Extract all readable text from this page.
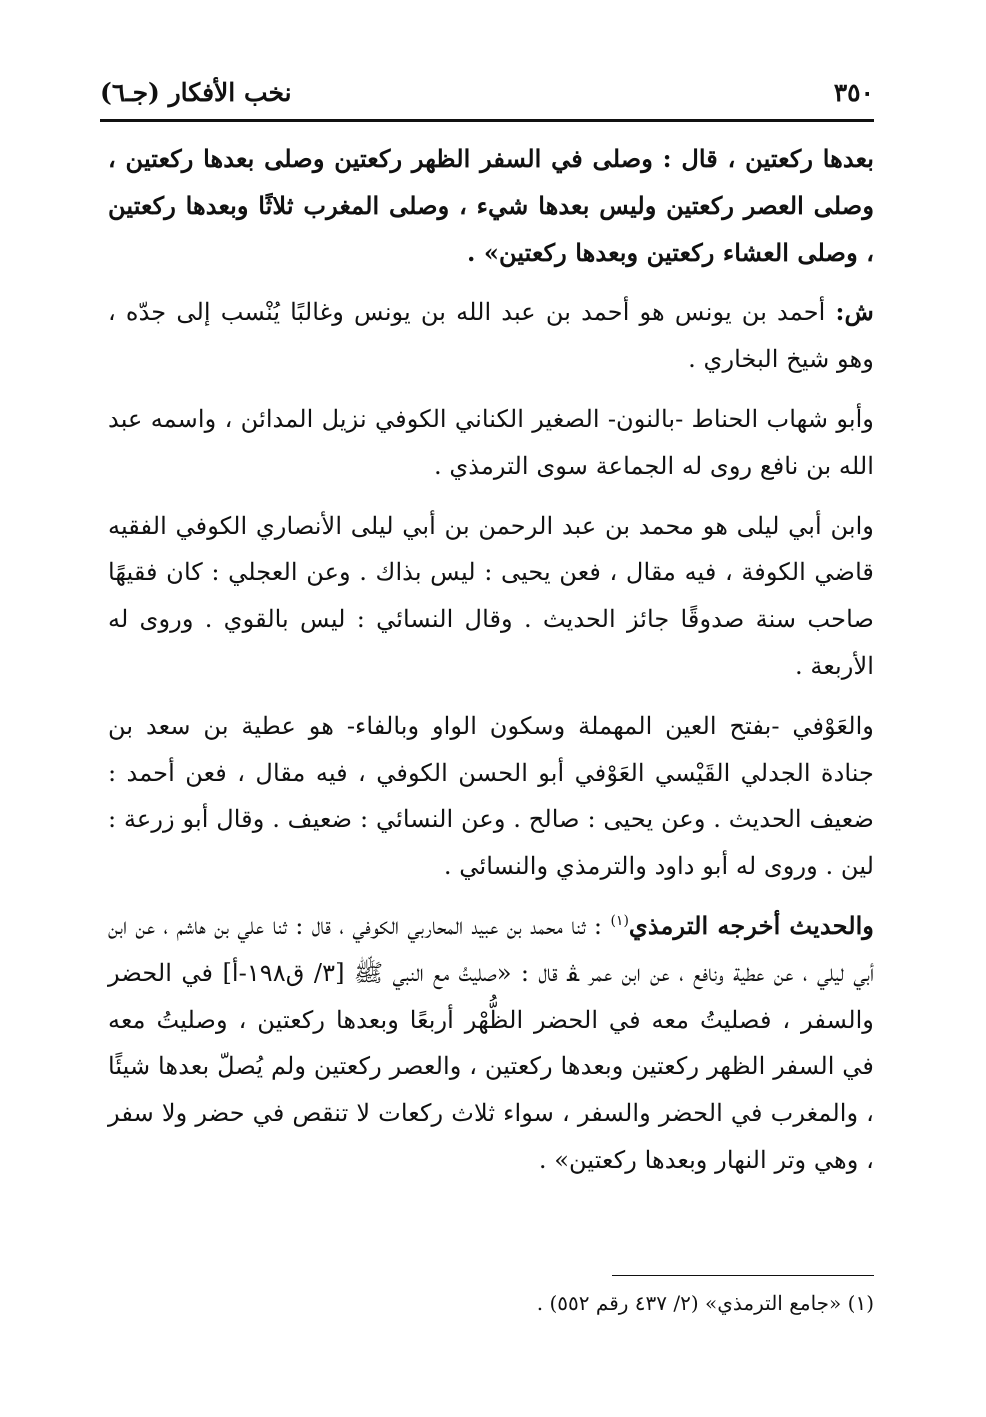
٣٥٠
نخب الأفكار (جـ٦)

بعدها ركعتين ، قال : وصلى في السفر الظهر ركعتين وصلى بعدها ركعتين ، وصلى العصر ركعتين وليس بعدها شيء ، وصلى المغرب ثلاثًا وبعدها ركعتين ، وصلى العشاء ركعتين وبعدها ركعتين» .

ش: أحمد بن يونس هو أحمد بن عبد الله بن يونس وغالبًا يُنْسب إلى جدّه ، وهو شيخ البخاري .

وأبو شهاب الحناط -بالنون- الصغير الكناني الكوفي نزيل المدائن ، واسمه عبد الله بن نافع روى له الجماعة سوى الترمذي .

وابن أبي ليلى هو محمد بن عبد الرحمن بن أبي ليلى الأنصاري الكوفي الفقيه قاضي الكوفة ، فيه مقال ، فعن يحيى : ليس بذاك . وعن العجلي : كان فقيهًا صاحب سنة صدوقًا جائز الحديث . وقال النسائي : ليس بالقوي . وروى له الأربعة .

والعَوْفي -بفتح العين المهملة وسكون الواو وبالفاء- هو عطية بن سعد بن جنادة الجدلي القَيْسي العَوْفي أبو الحسن الكوفي ، فيه مقال ، فعن أحمد : ضعيف الحديث . وعن يحيى : صالح . وعن النسائي : ضعيف . وقال أبو زرعة : لين . وروى له أبو داود والترمذي والنسائي .

والحديث أخرجه الترمذي$^{(١)}$ : ثنا محمد بن عبيد المحاربي الكوفي ، قال : ثنا علي بن هاشم ، عن ابن أبي ليلي ، عن عطية ونافع ، عن ابن عمر ﭭ قال : «صليتُ مع النبي ﷺ [٣/ ق١٩٨-أ] في الحضر والسفر ، فصليتُ معه في الحضر الظُّهْر أربعًا وبعدها ركعتين ، وصليتُ معه في السفر الظهر ركعتين وبعدها ركعتين ، والعصر ركعتين ولم يُصلّ بعدها شيئًا ، والمغرب في الحضر والسفر ، سواء ثلاث ركعات لا تنقص في حضر ولا سفر ، وهي وتر النهار وبعدها ركعتين» .

(١) «جامع الترمذي» (٢/ ٤٣٧ رقم ٥٥٢) .
